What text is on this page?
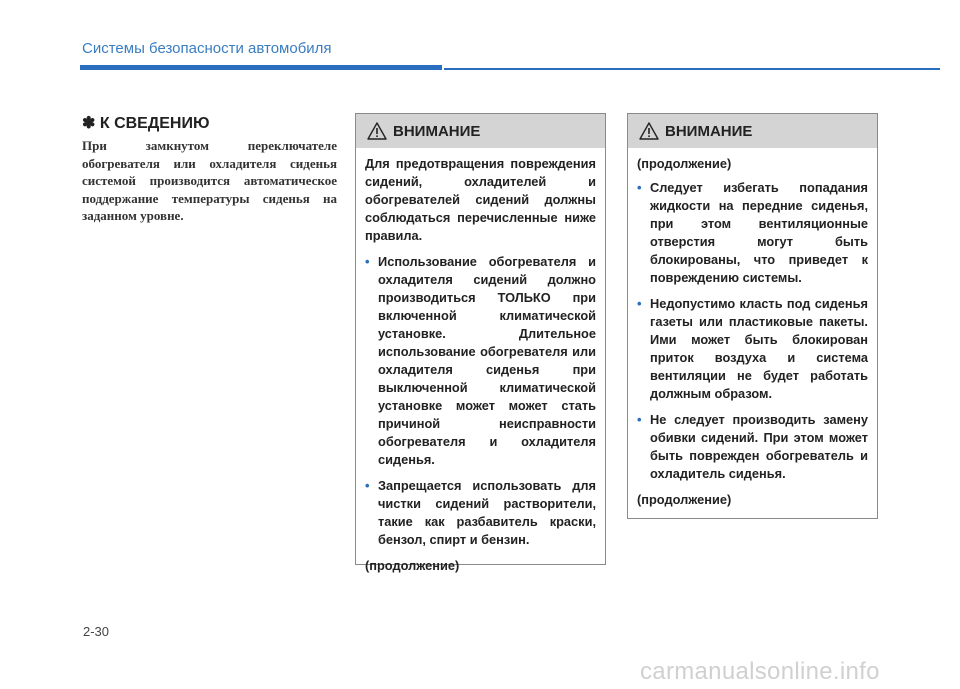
Системы безопасности автомобиля
✽ К СВЕДЕНИЮ

При замкнутом переключателе обогревателя или охладителя сиденья системой производится автоматическое поддержание температуры сиденья на заданном уровне.

ВНИМАНИЕ

Для предотвращения повреждения сидений, охладителей и обогревателей сидений должны соблюдаться перечисленные ниже правила.

• Использование обогревателя и охладителя сидений должно производиться ТОЛЬКО при включенной климатической установке. Длительное использование обогревателя или охладителя сиденья при выключенной климатической установке может может стать причиной неисправности обогревателя и охладителя сиденья.
• Запрещается использовать для чистки сидений растворители, такие как разбавитель краски, бензол, спирт и бензин.

(продолжение)

ВНИМАНИЕ

(продолжение)

• Следует избегать попадания жидкости на передние сиденья, при этом вентиляционные отверстия могут быть блокированы, что приведет к повреждению системы.
• Недопустимо класть под сиденья газеты или пластиковые пакеты. Ими может быть блокирован приток воздуха и система вентиляции не будет работать должным образом.
• Не следует производить замену обивки сидений. При этом может быть поврежден обогреватель и охладитель сиденья.

(продолжение)

2-30
carmanualsonline.info
